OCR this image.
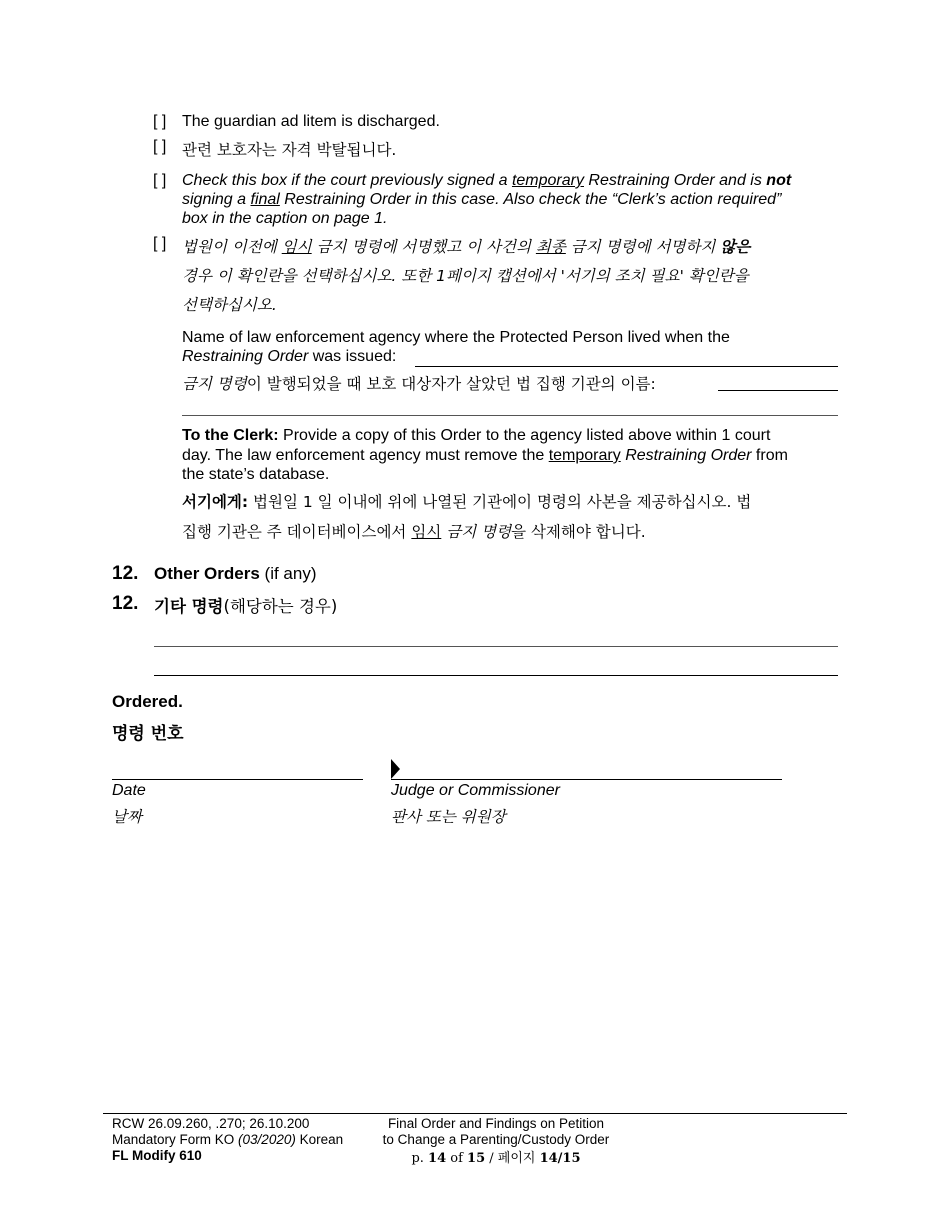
[ ] The guardian ad litem is discharged.
[ ] 관련 보호자는 자격 박탈됩니다.
[ ] Check this box if the court previously signed a temporary Restraining Order and is not
signing a final Restraining Order in this case. Also check the “Clerk’s action required”
box in the caption on page 1.
[ ] 법원이 이전에 임시 금지 명령에 서명했고 이 사건의 최종 금지 명령에 서명하지 않은
경우 이 확인란을 선택하십시오. 또한 1페이지 캡션에서 '서기의 조치 필요' 확인란을
선택하십시오.
Name of law enforcement agency where the Protected Person lived when the
Restraining Order was issued:
금지 명령이 발행되었을 때 보호 대상자가 살았던 법 집행 기관의 이름:
To the Clerk: Provide a copy of this Order to the agency listed above within 1 court
day. The law enforcement agency must remove the temporary Restraining Order from
the state’s database.
서기에게: 법원일 1 일 이내에 위에 나열된 기관에이 명령의 사본을 제공하십시오. 법
집행 기관은 주 데이터베이스에서 임시 금지 명령을 삭제해야 합니다.
12. Other Orders (if any)
12. 기타 명령(해당하는 경우)
Ordered.
명령 번호
Date
날짜
Judge or Commissioner
판사 또는 위원장
RCW 26.09.260, .270; 26.10.200
Mandatory Form KO (03/2020) Korean
FL Modify 610
Final Order and Findings on Petition
to Change a Parenting/Custody Order
p. 14 of 15 / 페이지 14/15
